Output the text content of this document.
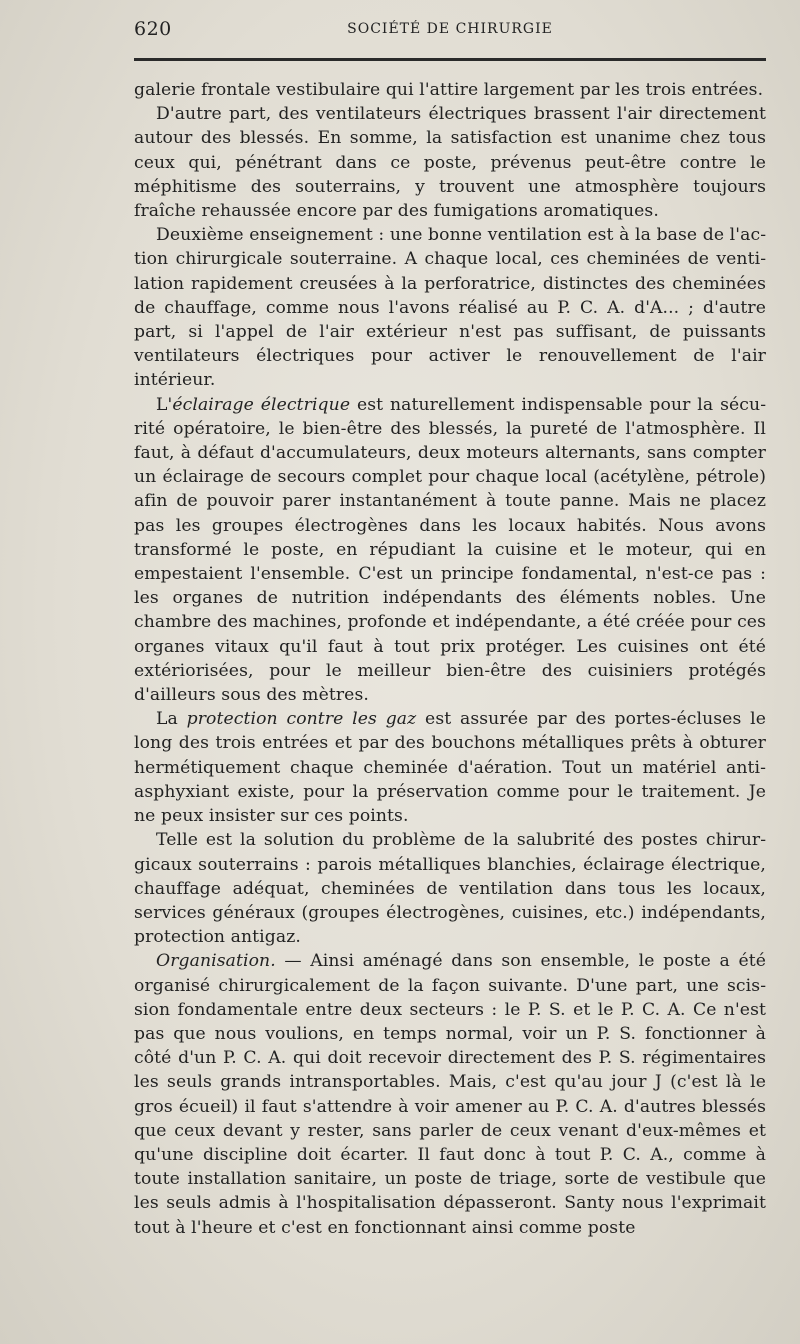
620	SOCIÉTÉ DE CHIRURGIE

galerie frontale vestibulaire qui l'attire largement par les trois entrées.

D'autre part, des ventilateurs électriques brassent l'air directement autour des blessés. En somme, la satisfaction est unanime chez tous ceux qui, pénétrant dans ce poste, prévenus peut-être contre le méphitisme des souterrains, y trouvent une atmosphère toujours fraîche rehaussée encore par des fumigations aromatiques.

Deuxième enseignement : une bonne ventilation est à la base de l'action chirurgicale souterraine. A chaque local, ces cheminées de ventilation rapidement creusées à la perforatrice, distinctes des cheminées de chauffage, comme nous l'avons réalisé au P. C. A. d'A... ; d'autre part, si l'appel de l'air extérieur n'est pas suffisant, de puissants ventilateurs électriques pour activer le renouvellement de l'air intérieur.

L'éclairage électrique est naturellement indispensable pour la sécurité opératoire, le bien-être des blessés, la pureté de l'atmosphère. Il faut, à défaut d'accumulateurs, deux moteurs alternants, sans compter un éclairage de secours complet pour chaque local (acétylène, pétrole) afin de pouvoir parer instantanément à toute panne. Mais ne placez pas les groupes électrogènes dans les locaux habités. Nous avons transformé le poste, en répudiant la cuisine et le moteur, qui en empestaient l'ensemble. C'est un principe fondamental, n'est-ce pas : les organes de nutrition indépendants des éléments nobles. Une chambre des machines, profonde et indépendante, a été créée pour ces organes vitaux qu'il faut à tout prix protéger. Les cuisines ont été extériorisées, pour le meilleur bien-être des cuisiniers protégés d'ailleurs sous des mètres.

La protection contre les gaz est assurée par des portes-écluses le long des trois entrées et par des bouchons métalliques prêts à obturer hermétiquement chaque cheminée d'aération. Tout un matériel anti-asphyxiant existe, pour la préservation comme pour le traitement. Je ne peux insister sur ces points.

Telle est la solution du problème de la salubrité des postes chirurgicaux souterrains : parois métalliques blanchies, éclairage électrique, chauffage adéquat, cheminées de ventilation dans tous les locaux, services généraux (groupes électrogènes, cuisines, etc.) indépendants, protection antigaz.

Organisation. — Ainsi aménagé dans son ensemble, le poste a été organisé chirurgicalement de la façon suivante. D'une part, une scission fondamentale entre deux secteurs : le P. S. et le P. C. A. Ce n'est pas que nous voulions, en temps normal, voir un P. S. fonctionner à côté d'un P. C. A. qui doit recevoir directement des P. S. régimentaires les seuls grands intransportables. Mais, c'est qu'au jour J (c'est là le gros écueil) il faut s'attendre à voir amener au P. C. A. d'autres blessés que ceux devant y rester, sans parler de ceux venant d'eux-mêmes et qu'une discipline doit écarter. Il faut donc à tout P. C. A., comme à toute installation sanitaire, un poste de triage, sorte de vestibule que les seuls admis à l'hospitalisation dépasseront. Santy nous l'exprimait tout à l'heure et c'est en fonctionnant ainsi comme poste
